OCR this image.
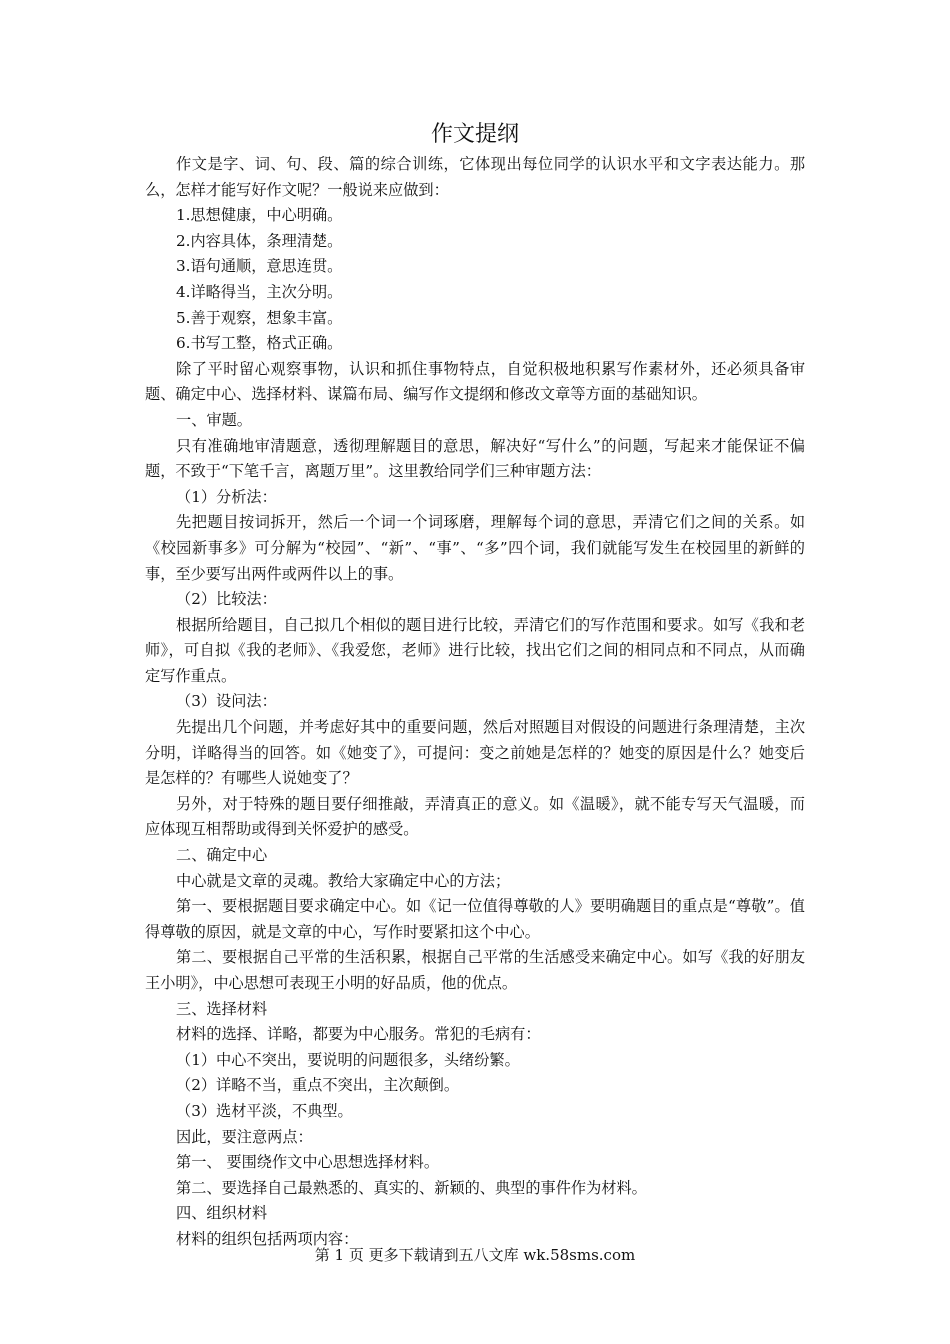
作文提纲

作文是字、词、句、段、篇的综合训练，它体现出每位同学的认识水平和文字表达能力。那么，怎样才能写好作文呢？一般说来应做到：

1.思想健康，中心明确。

2.内容具体，条理清楚。

3.语句通顺，意思连贯。

4.详略得当，主次分明。

5.善于观察，想象丰富。

6.书写工整，格式正确。

除了平时留心观察事物，认识和抓住事物特点，自觉积极地积累写作素材外，还必须具备审题、确定中心、选择材料、谋篇布局、编写作文提纲和修改文章等方面的基础知识。

一、审题。

只有准确地审清题意，透彻理解题目的意思，解决好“写什么”的问题，写起来才能保证不偏题，不致于“下笔千言，离题万里”。这里教给同学们三种审题方法：

（1）分析法：

先把题目按词拆开，然后一个词一个词琢磨，理解每个词的意思，弄清它们之间的关系。如《校园新事多》可分解为“校园”、“新”、“事”、“多”四个词，我们就能写发生在校园里的新鲜的事，至少要写出两件或两件以上的事。

（2）比较法：

根据所给题目，自己拟几个相似的题目进行比较，弄清它们的写作范围和要求。如写《我和老师》，可自拟《我的老师》、《我爱您，老师》进行比较，找出它们之间的相同点和不同点，从而确定写作重点。

（3）设问法：

先提出几个问题，并考虑好其中的重要问题，然后对照题目对假设的问题进行条理清楚，主次分明，详略得当的回答。如《她变了》，可提问：变之前她是怎样的？她变的原因是什么？她变后是怎样的？有哪些人说她变了？

另外，对于特殊的题目要仔细推敲，弄清真正的意义。如《温暖》，就不能专写天气温暖，而应体现互相帮助或得到关怀爱护的感受。

二、确定中心

中心就是文章的灵魂。教给大家确定中心的方法；

第一、要根据题目要求确定中心。如《记一位值得尊敬的人》要明确题目的重点是“尊敬”。值得尊敬的原因，就是文章的中心，写作时要紧扣这个中心。

第二、要根据自己平常的生活积累，根据自己平常的生活感受来确定中心。如写《我的好朋友王小明》，中心思想可表现王小明的好品质，他的优点。

三、选择材料

材料的选择、详略，都要为中心服务。常犯的毛病有：

（1）中心不突出，要说明的问题很多，头绪纷繁。

（2）详略不当，重点不突出，主次颠倒。

（3）选材平淡，不典型。

因此，要注意两点：

第一、 要围绕作文中心思想选择材料。

第二、要选择自己最熟悉的、真实的、新颖的、典型的事件作为材料。

四、组织材料

材料的组织包括两项内容：

第 1 页 更多下载请到五八文库 wk.58sms.com
